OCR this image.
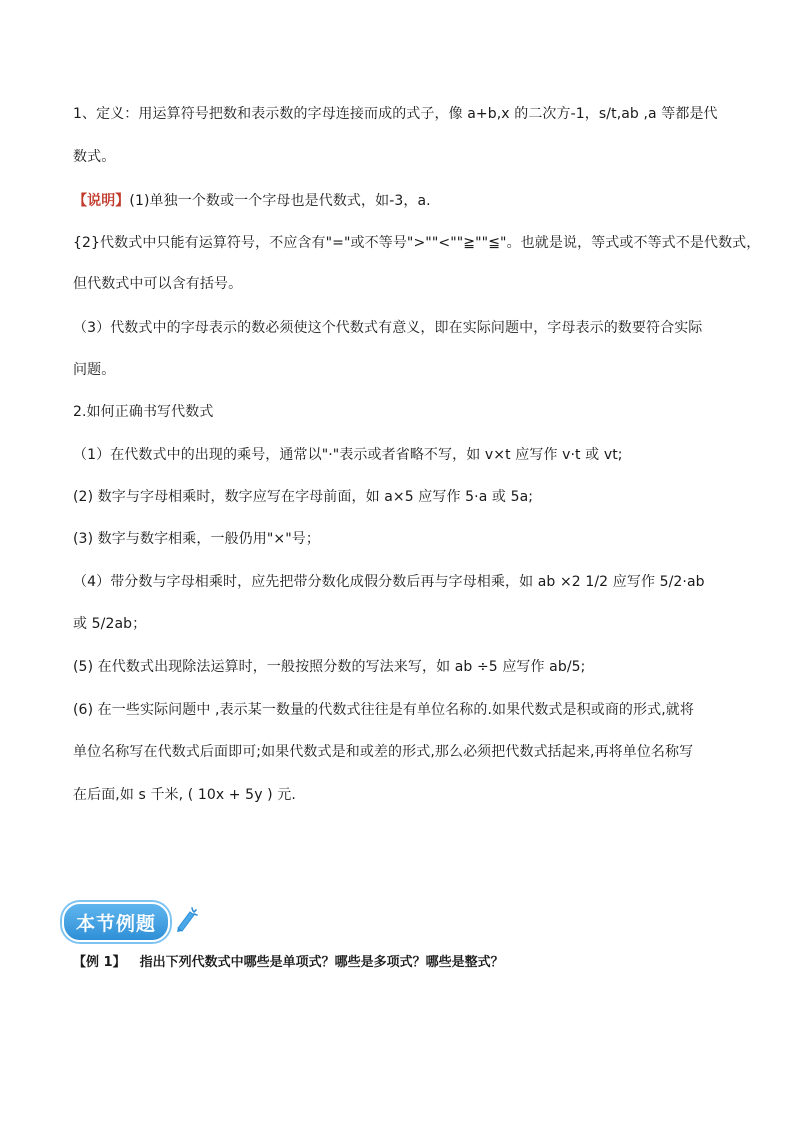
1、定义：用运算符号把数和表示数的字母连接而成的式子，像 a+b,x 的二次方-1，s/t,ab ,a 等都是代
数式。
【说明】(1)单独一个数或一个字母也是代数式，如-3，a.
{2}代数式中只能有运算符号，不应含有"="或不等号">""<""≧""≦"。也就是说，等式或不等式不是代数式，
但代数式中可以含有括号。
（3）代数式中的字母表示的数必须使这个代数式有意义，即在实际问题中，字母表示的数要符合实际
问题。
2.如何正确书写代数式
（1）在代数式中的出现的乘号，通常以"·"表示或者省略不写，如 v×t 应写作 v·t 或 vt;
(2) 数字与字母相乘时，数字应写在字母前面，如 a×5 应写作 5·a 或 5a;
(3) 数字与数字相乘，一般仍用"×"号；
（4）带分数与字母相乘时，应先把带分数化成假分数后再与字母相乘，如 ab ×2 1/2 应写作 5/2·ab
或 5/2ab；
(5) 在代数式出现除法运算时，一般按照分数的写法来写，如 ab ÷5 应写作 ab/5;
(6) 在一些实际问题中 ,表示某一数量的代数式往往是有单位名称的.如果代数式是积或商的形式,就将
单位名称写在代数式后面即可;如果代数式是和或差的形式,那么必须把代数式括起来,再将单位名称写
在后面,如 s 千米, ( 10x + 5y ) 元.
本节例题
【例 1】 指出下列代数式中哪些是单项式？哪些是多项式？哪些是整式？
